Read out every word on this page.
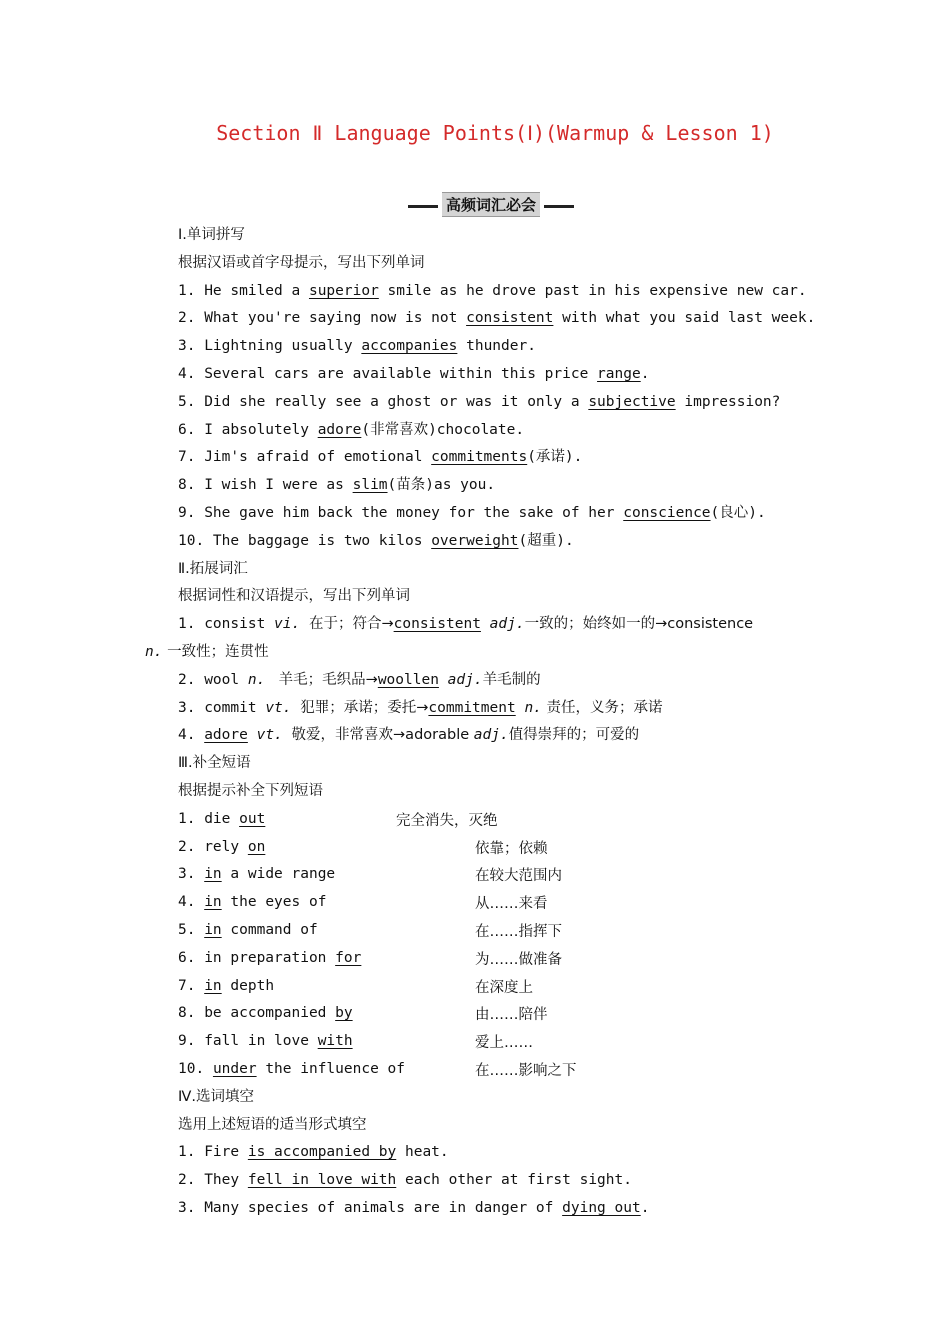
Section Ⅱ Language Points(Ⅰ)(Warmup & Lesson 1)
高频词汇必会
Ⅰ.单词拼写
根据汉语或首字母提示，写出下列单词
1. He smiled a superior smile as he drove past in his expensive new car.
2. What you're saying now is not consistent with what you said last week.
3. Lightning usually accompanies thunder.
4. Several cars are available within this price range.
5. Did she really see a ghost or was it only a subjective impression?
6. I absolutely adore(非常喜欢)chocolate.
7. Jim's afraid of emotional commitments(承诺).
8. I wish I were as slim(苗条)as you.
9. She gave him back the money for the sake of her conscience(良心).
10. The baggage is two kilos overweight(超重).
Ⅱ.拓展词汇
根据词性和汉语提示，写出下列单词
1. consist vi. 在于；符合→consistent adj.一致的；始终如一的→consistence
n. 一致性；连贯性
2. wool n.  羊毛；毛织品→woollen adj.羊毛制的
3. commit vt. 犯罪；承诺；委托→commitment n. 责任，义务；承诺
4. adore vt. 敬爱，非常喜欢→adorable adj.值得崇拜的；可爱的
Ⅲ.补全短语
根据提示补全下列短语
1. die out	完全消失，灭绝
2. rely on	依靠；依赖
3. in a wide range	在较大范围内
4. in the eyes of	从……来看
5. in command of	在……指挥下
6. in preparation for	为……做准备
7. in depth	在深度上
8. be accompanied by	由……陪伴
9. fall in love with	爱上……
10. under the influence of	在……影响之下
Ⅳ.选词填空
选用上述短语的适当形式填空
1. Fire is accompanied by heat.
2. They fell in love with each other at first sight.
3. Many species of animals are in danger of dying out.
